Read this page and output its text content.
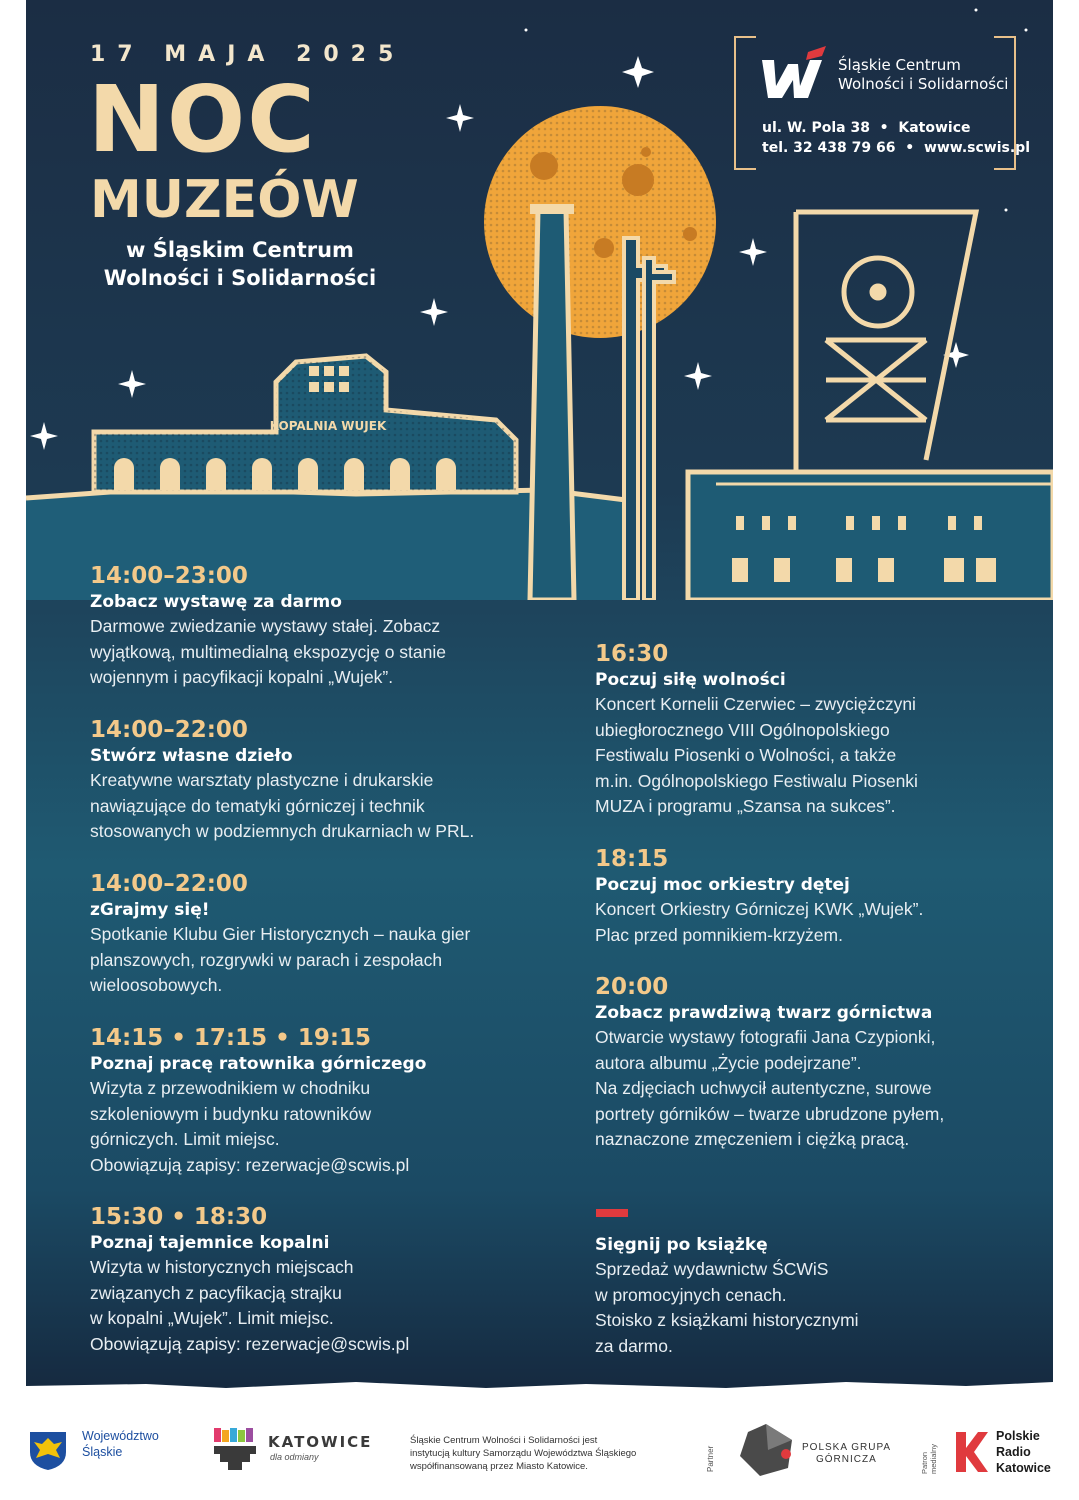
KOPALNIA WUJEK
17 MAJA 2025
NOC
MUZEÓW
w Śląskim Centrum
Wolności i Solidarności
Śląskie Centrum
Wolności i Solidarności
ul. W. Pola 38  •  Katowice
tel. 32 438 79 66  •  www.scwis.pl
14:00–23:00
Zobacz wystawę za darmo
Darmowe zwiedzanie wystawy stałej. Zobacz
wyjątkową, multimedialną ekspozycję o stanie
wojennym i pacyfikacji kopalni „Wujek”.
14:00–22:00
Stwórz własne dzieło
Kreatywne warsztaty plastyczne i drukarskie
nawiązujące do tematyki górniczej i technik
stosowanych w podziemnych drukarniach w PRL.
14:00–22:00
zGrajmy się!
Spotkanie Klubu Gier Historycznych – nauka gier
planszowych, rozgrywki w parach i zespołach
wieloosobowych.
14:15 • 17:15 • 19:15
Poznaj pracę ratownika górniczego
Wizyta z przewodnikiem w chodniku
szkoleniowym i budynku ratowników
górniczych. Limit miejsc.
Obowiązują zapisy: rezerwacje@scwis.pl
15:30 • 18:30
Poznaj tajemnice kopalni
Wizyta w historycznych miejscach
związanych z pacyfikacją strajku
w kopalni „Wujek”. Limit miejsc.
Obowiązują zapisy: rezerwacje@scwis.pl
16:30
Poczuj siłę wolności
Koncert Kornelii Czerwiec – zwyciężczyni
ubiegłorocznego VIII Ogólnopolskiego
Festiwalu Piosenki o Wolności, a także
m.in. Ogólnopolskiego Festiwalu Piosenki
MUZA i programu „Szansa na sukces”.
18:15
Poczuj moc orkiestry dętej
Koncert Orkiestry Górniczej KWK „Wujek”.
Plac przed pomnikiem-krzyżem.
20:00
Zobacz prawdziwą twarz górnictwa
Otwarcie wystawy fotografii Jana Czypionki,
autora albumu „Życie podejrzane”.
Na zdjęciach uchwycił autentyczne, surowe
portrety górników – twarze ubrudzone pyłem,
naznaczone zmęczeniem i ciężką pracą.
Sięgnij po książkę
Sprzedaż wydawnictw ŚCWiS
w promocyjnych cenach.
Stoisko z książkami historycznymi
za darmo.
Województwo
Śląskie
KATOWICE
dla odmiany
Śląskie Centrum Wolności i Solidarności jest
instytucją kultury Samorządu Województwa Śląskiego
współfinansowaną przez Miasto Katowice.	Partner	POLSKA GRUPA
GÓRNICZA	Patron medialny
Polskie
Radio
Katowice
